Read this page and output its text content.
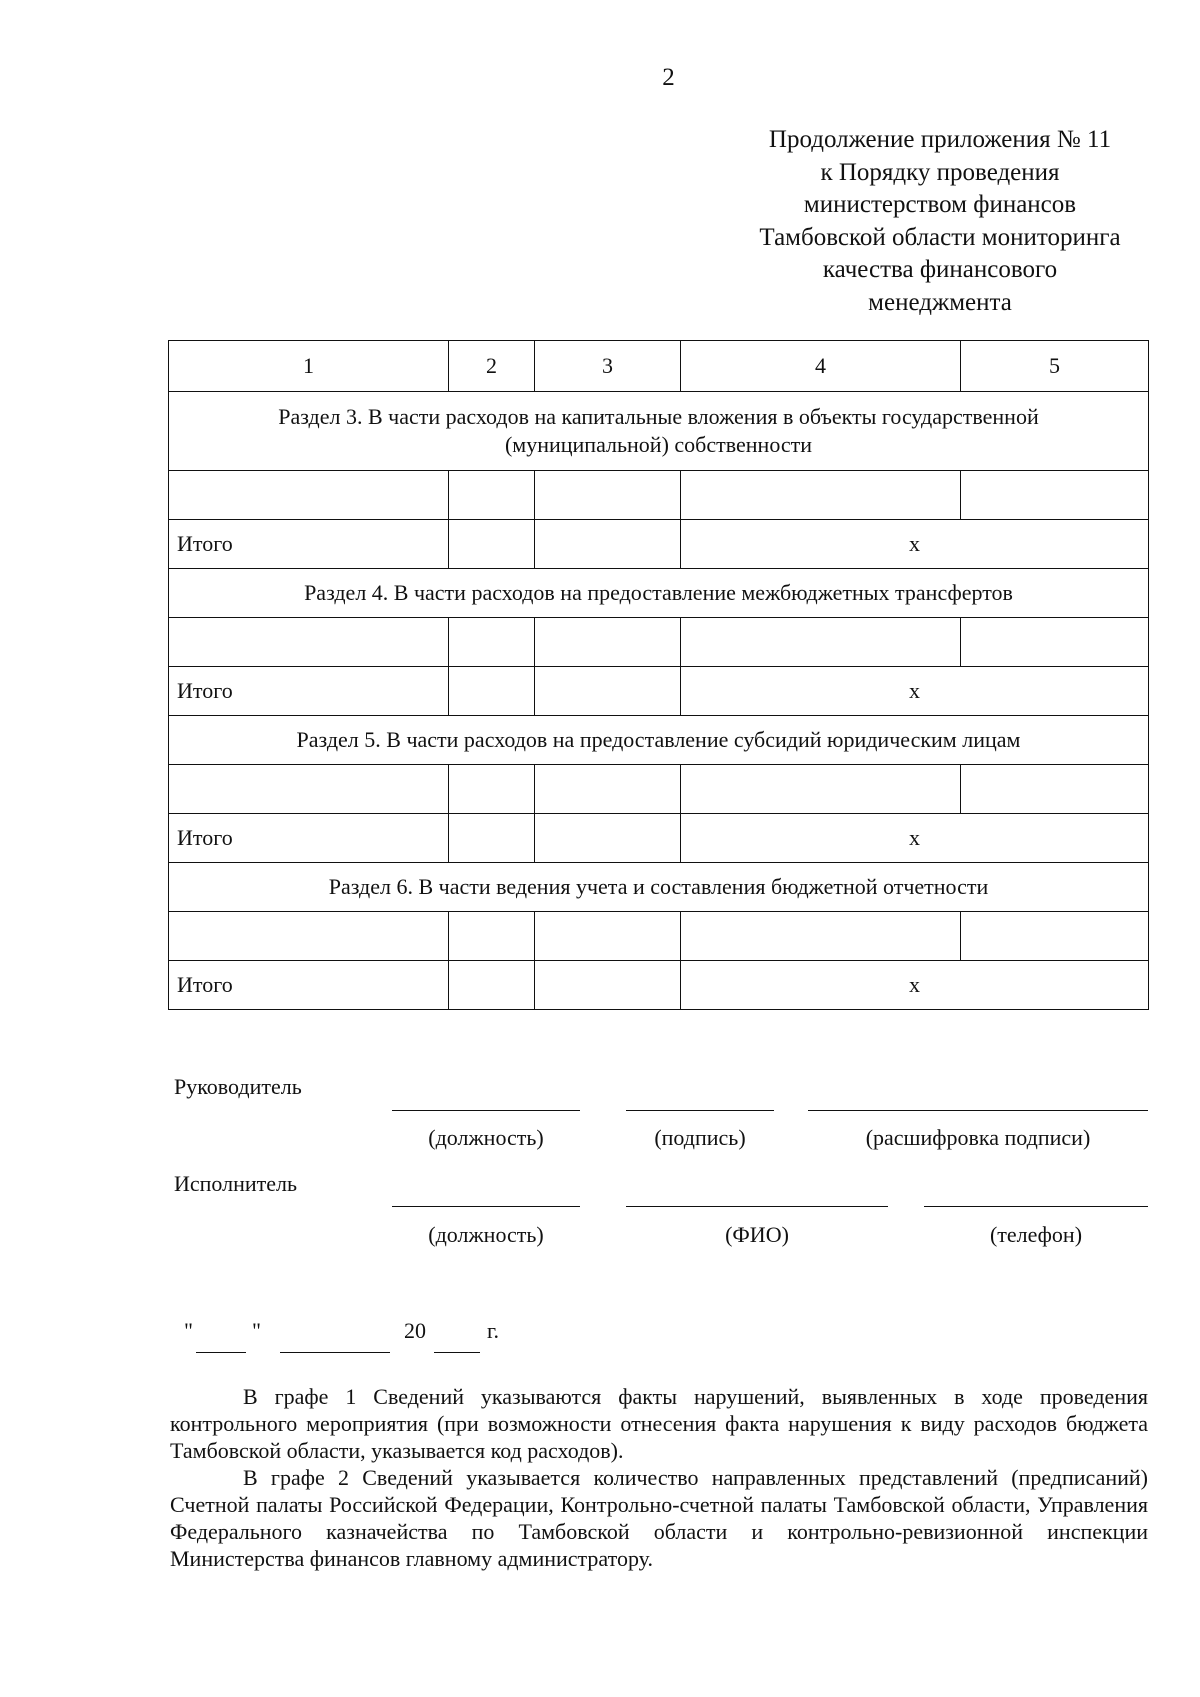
2
Продолжение приложения № 11
к Порядку проведения
министерством финансов
Тамбовской области мониторинга
качества финансового
менеджмента
1	2	3	4	5

Раздел 3. В части расходов на капитальные вложения в объекты государственной
(муниципальной) собственности				

Итого			х	
Раздел 4. В части расходов на предоставление межбюджетных трансфертов				

Итого			х	
Раздел 5. В части расходов на предоставление субсидий юридическим лицам				

Итого			х	
Раздел 6. В части ведения учета и составления бюджетной отчетности				

Итого			х	
Руководитель
(должность)	(подпись)	(расшифровка подписи)
Исполнитель
(должность)	(ФИО)	(телефон)
"	"	20	г.

В графе 1 Сведений указываются факты нарушений, выявленных в ходе проведения контрольного мероприятия (при возможности отнесения факта нарушения к виду расходов бюджета Тамбовской области, указывается код расходов).

В графе 2 Сведений указывается количество направленных представлений (предписаний) Счетной палаты Российской Федерации, Контрольно-счетной палаты Тамбовской области, Управления Федерального казначейства по Тамбовской области и контрольно-ревизионной инспекции Министерства финансов главному администратору.
